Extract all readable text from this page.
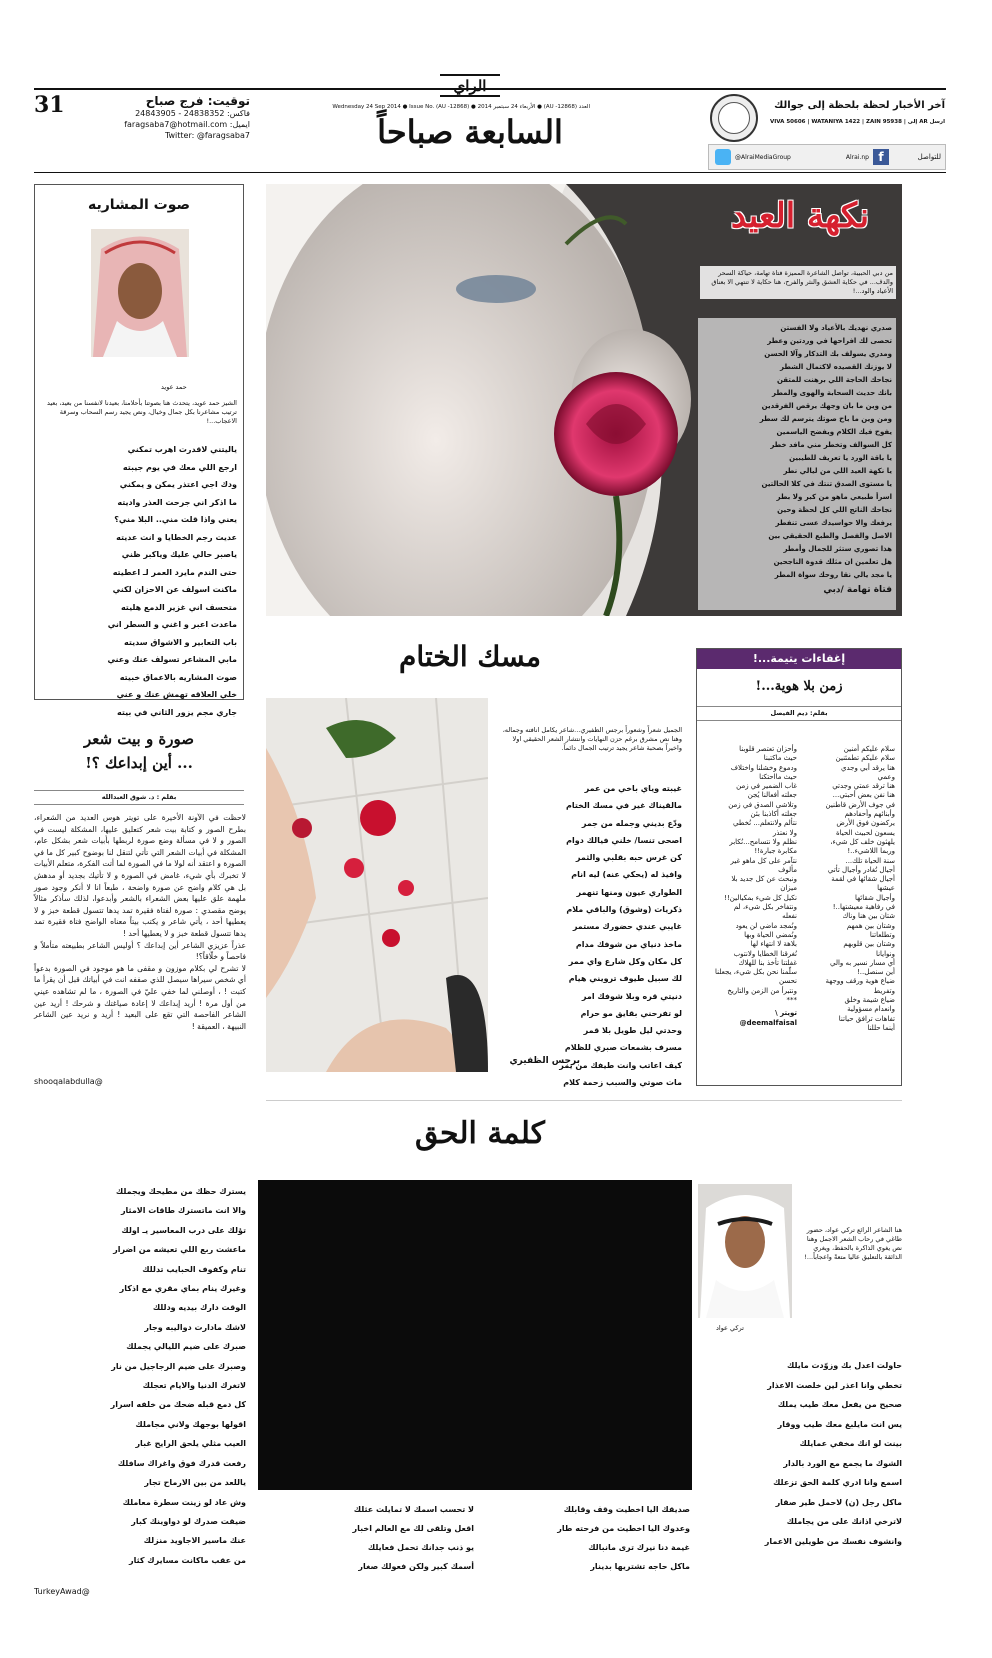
31	توقيت: فرج صباح
فاكس: 24838352 - 24843905
ايميل: faragsaba7@hotmail.com
Twitter: @faragsaba7
الراي
العدد (AU -12868) ● الأربعاء 24 سبتمبر 2014 ● Wednesday 24 Sep 2014 ● Issue No. (AU -12868)
السابعة صباحاً
آخر الأخبار لحظة بلحظة إلى جوالك
ارسل AR إلى | VIVA 50606 | WATANIYA 1422 | ZAIN 95938
للتواصل
f
Alrai.np
@AlraiMediaGroup
نكهة العيد
من دبي الحبيبة، تواصل الشاعرة المميزة فتاة تهامة، حياكة السحر والدف... في حكاية العشق والنثر والفرح، هنا حكاية لا تنتهي الا بعناق الأعياد والود...!
صدري نهديك بالأعياد ولا الفستن
تحصى لك افراحها في وردتين وعطر
ومدري يسولف بك التذكار وآلا الحسن
لا يوزنك القصيده لاكتمال الشطر
نجاحك الحاجة اللي برهنت للمتقن
بانك حديث السحابة والهوى والمطر
من وين ما بان وجهك يرقص الفرقدين
ومن وين ما باح صوتك ينرسم لك سطر
يفوح فيك الكلام ويفضح الياسمين
كل السوالف وتخطر مني مافد خطر
يا باقة الورد يا تعريف للطيبين
يا نكهة العيد اللي من ليالي نطر
يا مستوى الصدق تنتك في كلا الحالتين
اسرأ طبيعي ماهو من كبر ولا بطر
نجاحك الناتج اللي كل لحظة وحين
يرفعك والا حواسيدك عسى تنفطر
الاصل والفصل والطبع الحقيقي بين
هذا تصوري ستثر للجمال وأمطر
هل تعلمين ان مثلك قدوة الناجحين
يا مجد يالي نقا روحك سواة المطر
فتاة تهامة /دبي
صوت المشاريه
حمد عويد
الشيز حمد عويد، يتحدث هنا بصوتنا بأحلامنا، بعيدنا لانفسنا من بعيد، بعيد ترتيب مشاعرنا بكل جمال وخيال، ونص يجيد رسم السحاب وسرقة الاعجاب...!
ياليتني لاقدرت اهرب تمكني
ارجع اللي معك في يوم جيبته
ودك اجي اعتذر يمكن و يمكني
ما اذكر اني جرحت العذر واديته
يعني واذا قلت مني.. البلا مني؟
عديت رجم الخطايا و انت عديته
ياصبر حالي عليك وياكبر ظني
حتى الندم مايرد العمر لـ اعطيته
ماكنت اسولف عن الاحزان لكني
متحسف اني غزير الدمع هليته
ماعدت اعبر و اغني و السطر اني
باب التعابير و الاشواق سديته
مابي المشاعر تسولف عنك وعني
صوت المشاريه بالاعماق خبيته
خلي العلاقه تهمش عنك و عني
جاري مجم يزور الثاني في بيته
صورة و بيت شعر
... أين إبداعك ؟!
بقلم : د. شوق العبدالله
لاحظت في الآونة الأخيرة على تويتر هوس العديد من الشعراء، بطرح الصور و كتابة بيت شعر كتعليق عليها، المشكلة ليست في الصور و لا في مسألة وضع صورة لربطها بأبيات شعر بشكل عام، المشكلة في أبيات الشعر التي تأتي لتنقل لنا بوضوح كبير كل ما في الصورة و اعتقد أنه لولا ما في الصورة لما أتت الفكرة، متعلم الأبيات لا تخبرك بأي شيء، غامض في الصورة و لا تأتيك بجديد أو مدهش بل هي كلام واضح عن صورة واضحة ، طبعاً انا لا أنكر وجود صور ملهمة علق عليها بعض الشعراء بالشعر وأبدعوا، لذلك سأذكر مثالاً يوضح مقصدي : صورة لفتاة فقيرة تمد يدها تتسول قطعة خبز و لا يعطيها أحد ، يأتي شاعر و يكتب بيتاً معناه الواضح فتاة فقيرة تمد يدها تتسول قطعة خبز و لا يعطيها أحد !
عذراً عزيزي الشاعر أين إبداعك ؟ أوليس الشاعر بطبيعته متأملاً و فاحصاً و خلّاقاً؟!
لا تشرح لي بكلام موزون و مقفى ما هو موجود في الصورة بدعواً أي شخص سيراها سيصل للذي صففه انت في أبياتك قبل أن يقرأ ما كتبت ! ، أوصلني لما خفي عليّ في الصورة ، ما لم تشاهده عيني من أول مرة ! أريد إبداعك لا إعادة صياغتك و شرحك ! أريد عين الشاعر الفاحصة التي تقع على البعيد ! أريد و نريد عين الشاعر النبيهة ، العميقة !
shooqalabdulla@
مسك الختام
الجميل شعراً وشعوراً برجس الظفيري...شاعر يكامل انافته وجماله، وهنا نص مشرق برغم حزن النهايات وانتشار الشعر الحقيقي اولا واخيراً بصحبة شاعر يجيد ترتيب الجمال دائماً.
غيبته وياي باخي من عمر
مالقيناك غير في مسك الختام
ودّع بديني وجمله من جمر
اصحى تنسا/ خلني فيالك دوام
كن غرس حبه بقلبي والثمر
وافيذ له (يحكي عنه) ليه انام
الطواري عيون ومنها تنهمر
ذكريات (وشوق) والباقي ملام
غايبي عندي حضورك مستمر
ماخذ دنياي من شوفك مدام
كل مكان وكل شارع واي ممر
لك سبيل طيوف ترويني هيام
دنيتي قره وبلا شوفك امر
لو تفرحني بقايق مو حرام
وحدتي ليل طويل بلا قمر
مسرف بشمعات صبري للظلام
كيف اعاتب وانت طيفك من يمر
مات صوتي والسبب زحمة كلام
برجس الظفيري
إغفاءات يتيمة...!
زمن بلا هوية...!
بقلم: ديم الفيصل
سلام عليكم أمنين
سلام عليكم تطمئنين
هنا يرقد أبي وجدي
وعمي
هنا ترقد عمتي وجدتي
هنا نفن بعض أحبتي...
في جوف الأرض قاطنين
وأبنائهم وأحفادهم
يركضون فوق الأرض
يسعون لحبيث الحياة
يلهثون خلف كل شيء،
وربما اللاشيء..!
سنة الحياة تلك...
أجيال تُغادر وأجيال تأتي
أجيال شقائها في لقمة
عيشها
وأجيال شقائها
في رفاهية معيشتها..!
شتان بين هنا وناك
وشتان بين همهم
وتطلعاتنا
وشتان بين قلوبهم
ونوايانا
أي مسار نسير به والي
أين سنصل..!
ضياع هوية ورقف ووجهة
وتفريط
ضياع شيمة وخلق
وانعدام مسؤولية
تفاهات ترافق حياتنا
أينما حللنا
وأحزان تعتصر قلوبنا
حيث ماكتبنا
ودموع وخشلنا واختلاف
حيث مااحتكنا
غاب الضمير في زمن
جعلته أفعالنا يُجن
وتلاشى الصدق في زمن
جعلته أكاذبنا بئن
نتألم ولانتعلم... نُخطي
ولا نعتذر
نظلم ولا نتسامح...نُكابر
مكابرة جبارة!!
نتآمر على كل ماهو غير
مألوف
ونبحث عن كل جديد بلا
ميزان
نكيل كل شيء بمكيالين!!
ونتفاخر بكل شيء، لم
نفعله
ونُمجد ماضي لن يعود
ونُمضي الحياة وبها
بلاهة لا انتهاء لها
نُغرقنا الخطايا ولانتوب
غفلتنا تأخذ بنا للهلاك
سلّمنا نحن بكل شيء، يجعلنا
نحسن
ونتبرأ من الزمن والتاريخ
***
تويتر \
@deemalfaisal
كلمة الحق
يسترك حظك من مطيحك ويجملك
والا انت ماتسترك طاقات الامثار
تؤلك على درب المعاسير يـ اولك
ماعشت ربع اللي تعيشه من اضرار
تنام وكفوف الحبايب تدللك
وغيرك ينام بماي مقري مع اذكار
الوقت دارك بيديه ودللك
لاشك مادارت دواليبه وجار
صبرك على ضيم الليالي يجملك
وصبرك على ضيم الرجاجيل من نار
لاتغرك الدنيا والايام تعجلك
كل دمع قبله ضحك من خلفه اسرار
اقولها بوجهك ولاني مجاملك
العيب مثلي يلحق الرايح غبار
رفعت قدرك فوق واغراك سافلك
ياللعد من بين الارماح تجار
وش عاد لو زينت سطرة معاملك
ضيقت صدرك لو دواوينك كبار
عنك ماسير الاجاويد منزلك
من عقب ماكانت مسايرك كثار
TurkeyAwad@
تركي عواد
هنا الشاعر الرائع تركي عواد، حضور طاغي في رحاب الشعر الاجمل وهنا نص يغوي الذاكرة بالحفظ، ويغري الذائقة بالتعليق عاليا متعةً واعجاباً...!
حاولت اعدل بك وزوّدت مايلك
تخطي وانا اعذر لين خلصت الاعذار
صحيح من يفعل معك طيب يملك
يس انت مايلبغ معك طيب ووقار
بينت لو انك مخفي عمايلك
الشوك ما يجمع مع الورد بالدار
اسمع وانا ادري كلمة الحق تزعلك
ماكل رجل (ن) لاحمل طير صقار
لاترخي اذانك على من يجاملك
وانشوف نفسك من طويلين الاعمار
لا تحسب اسمك لا تمايلت عثلك
اقعل وتلقى لك مع العالم اخبار
يو ذنب جدانك تحمل فعايلك
أسمك كبير ولكن فعولك صغار
صديقك اليا اخطيت وقف وقابلك
وعدوك اليا اخطيت من فرحته طار
غيمة دنا نيرك ترى مانبالك
ماكل حاجه تشتريها بدينار
